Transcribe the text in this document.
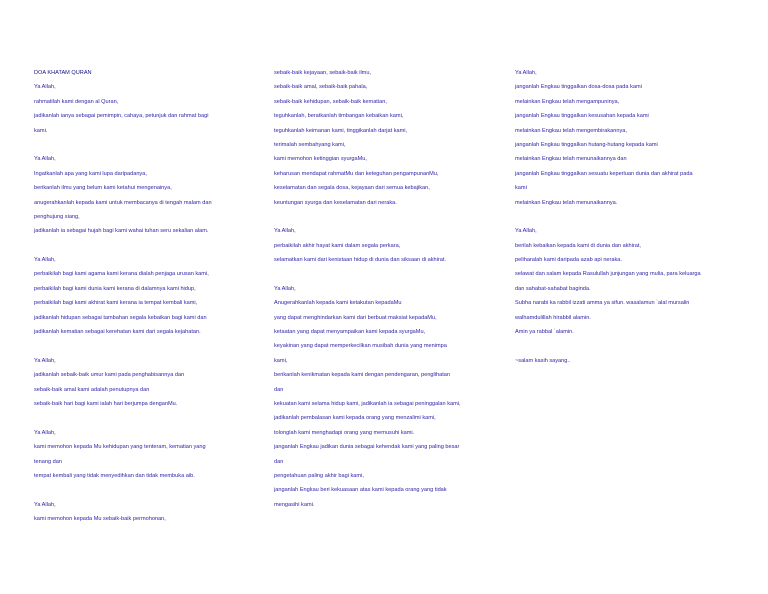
DOA KHATAM QURAN
Ya Allah,
rahmatilah kami dengan al Quran,
jadikanlah ianya sebagai pemimpin, cahaya, petunjuk dan rahmat bagi
kami.
Ya Allah,
Ingatkanlah apa yang kami lupa daripadanya,
berikanlah ilmu yang belum kami ketahui mengenainya,
anugerahkanlah kepada kami untuk membacanya di tengah malam dan
penghujung siang,
jadikanlah ia sebagai hujah bagi kami wahai tuhan seru sekalian alam.
Ya Allah,
perbaikilah bagi kami agama kami kerana dialah penjaga urusan kami,
perbaikilah bagi kami dunia kami kerana di dalamnya kami hidup,
perbaikilah bagi kami akhirat kami kerana ia tempat kembali kami,
jadikanlah hidupan sebagai tambahan segala kebaikan bagi kami dan
jadikanlah kematian sebagai kerehatan kami dari segala kejahatan.
Ya Allah,
jadikanlah sebaik-baik umur kami pada penghabisannya dan
sebaik-baik amal kami adalah penutupnya dan
sebaik-baik hari bagi kami ialah hari berjumpa denganMu.
Ya Allah,
kami memohon kepada Mu kehidupan yang tenteram, kematian yang
tenang dan
tempat kembali yang tidak menyedihkan dan tidak membuka aib.
Ya Allah,
kami memohon kepada Mu sebaik-baik permohonan,
sebaik-baik kejayaan, sebaik-baik ilmu,
sebaik-baik amal, sebaik-baik pahala,
sebaik-baik kehidupan, sebaik-baik kematian,
teguhkanlah, beratkanlah timbangan kebaikan kami,
teguhkanlah keimanan kami, tinggikanlah darjat kami,
terimalah sembahyang kami,
kami memohon ketinggian syurgaMu,
keharusan mendapat rahmatMu dan keteguhan pengampunanMu,
keselamatan dan segala dosa, kejayaan dari semua kebajikan,
keuntungan syurga dan keselamatan dari neraka.
Ya Allah,
perbaikilah akhir hayat kami dalam segala perkara,
selamatkan kami dari kenistaan hidup di dunia dan siksaan di akhirat.
Ya Allah,
Anugerahkanlah kepada kami ketakutan kepadaMu
yang dapat menghindarkan kami dari berbuat maksiat kepadaMu,
ketaatan yang dapat menyampaikan kami kepada syurgaMu,
keyakinan yang dapat memperkecilkan musibah dunia yang menimpa
kami,
berikanlah kenikmatan kepada kami dengan pendengaran, penglihatan
dan
kekuatan kami selama hidup kami, jadikanlah ia sebagai peninggalan kami,
jadikanlah pembalasan kami kepada orang yang menzalimi kami,
tolonglah kami menghadapi orang yang memusuhi kami.
janganlah Engkau jadikan dunia sebagai kehendak kami yang paling besar
dan
pengetahuan paling akhir bagi kami,
janganlah Engkau beri kekuasaan atas kami kepada orang yang tidak
mengasihi kami.
Ya Allah,
janganlah Engkau tinggalkan dosa-dosa pada kami
melainkan Engkau telah mengampuninya,
janganlah Engkau tinggalkan kesusahan kepada kami
melainkan Engkau telah mengembirakannya,
janganlah Engkau tinggalkan hutang-hutang kepada kami
melainkan Engkau telah menunaikannya dan
janganlah Engkau tinggalkan sesuatu keperluan dunia dan akhirat pada
kami
melainkan Engkau telah menunaikannya.
Ya Allah,
berilah kebaikan kepada kami di dunia dan akhirat,
peliharalah kami daripada azab api neraka.
selawat dan salam kepada Rasulullah junjungan yang mulia, para keluarga
dan sahabat-sahabat baginda.
Subha narabi ka rabbil izzati amma ya sifun. wasalamun `alal mursalin
walhamdulillah hirabbil alamin.
Amin ya rabbal `alamin.
~salam kasih sayang..
